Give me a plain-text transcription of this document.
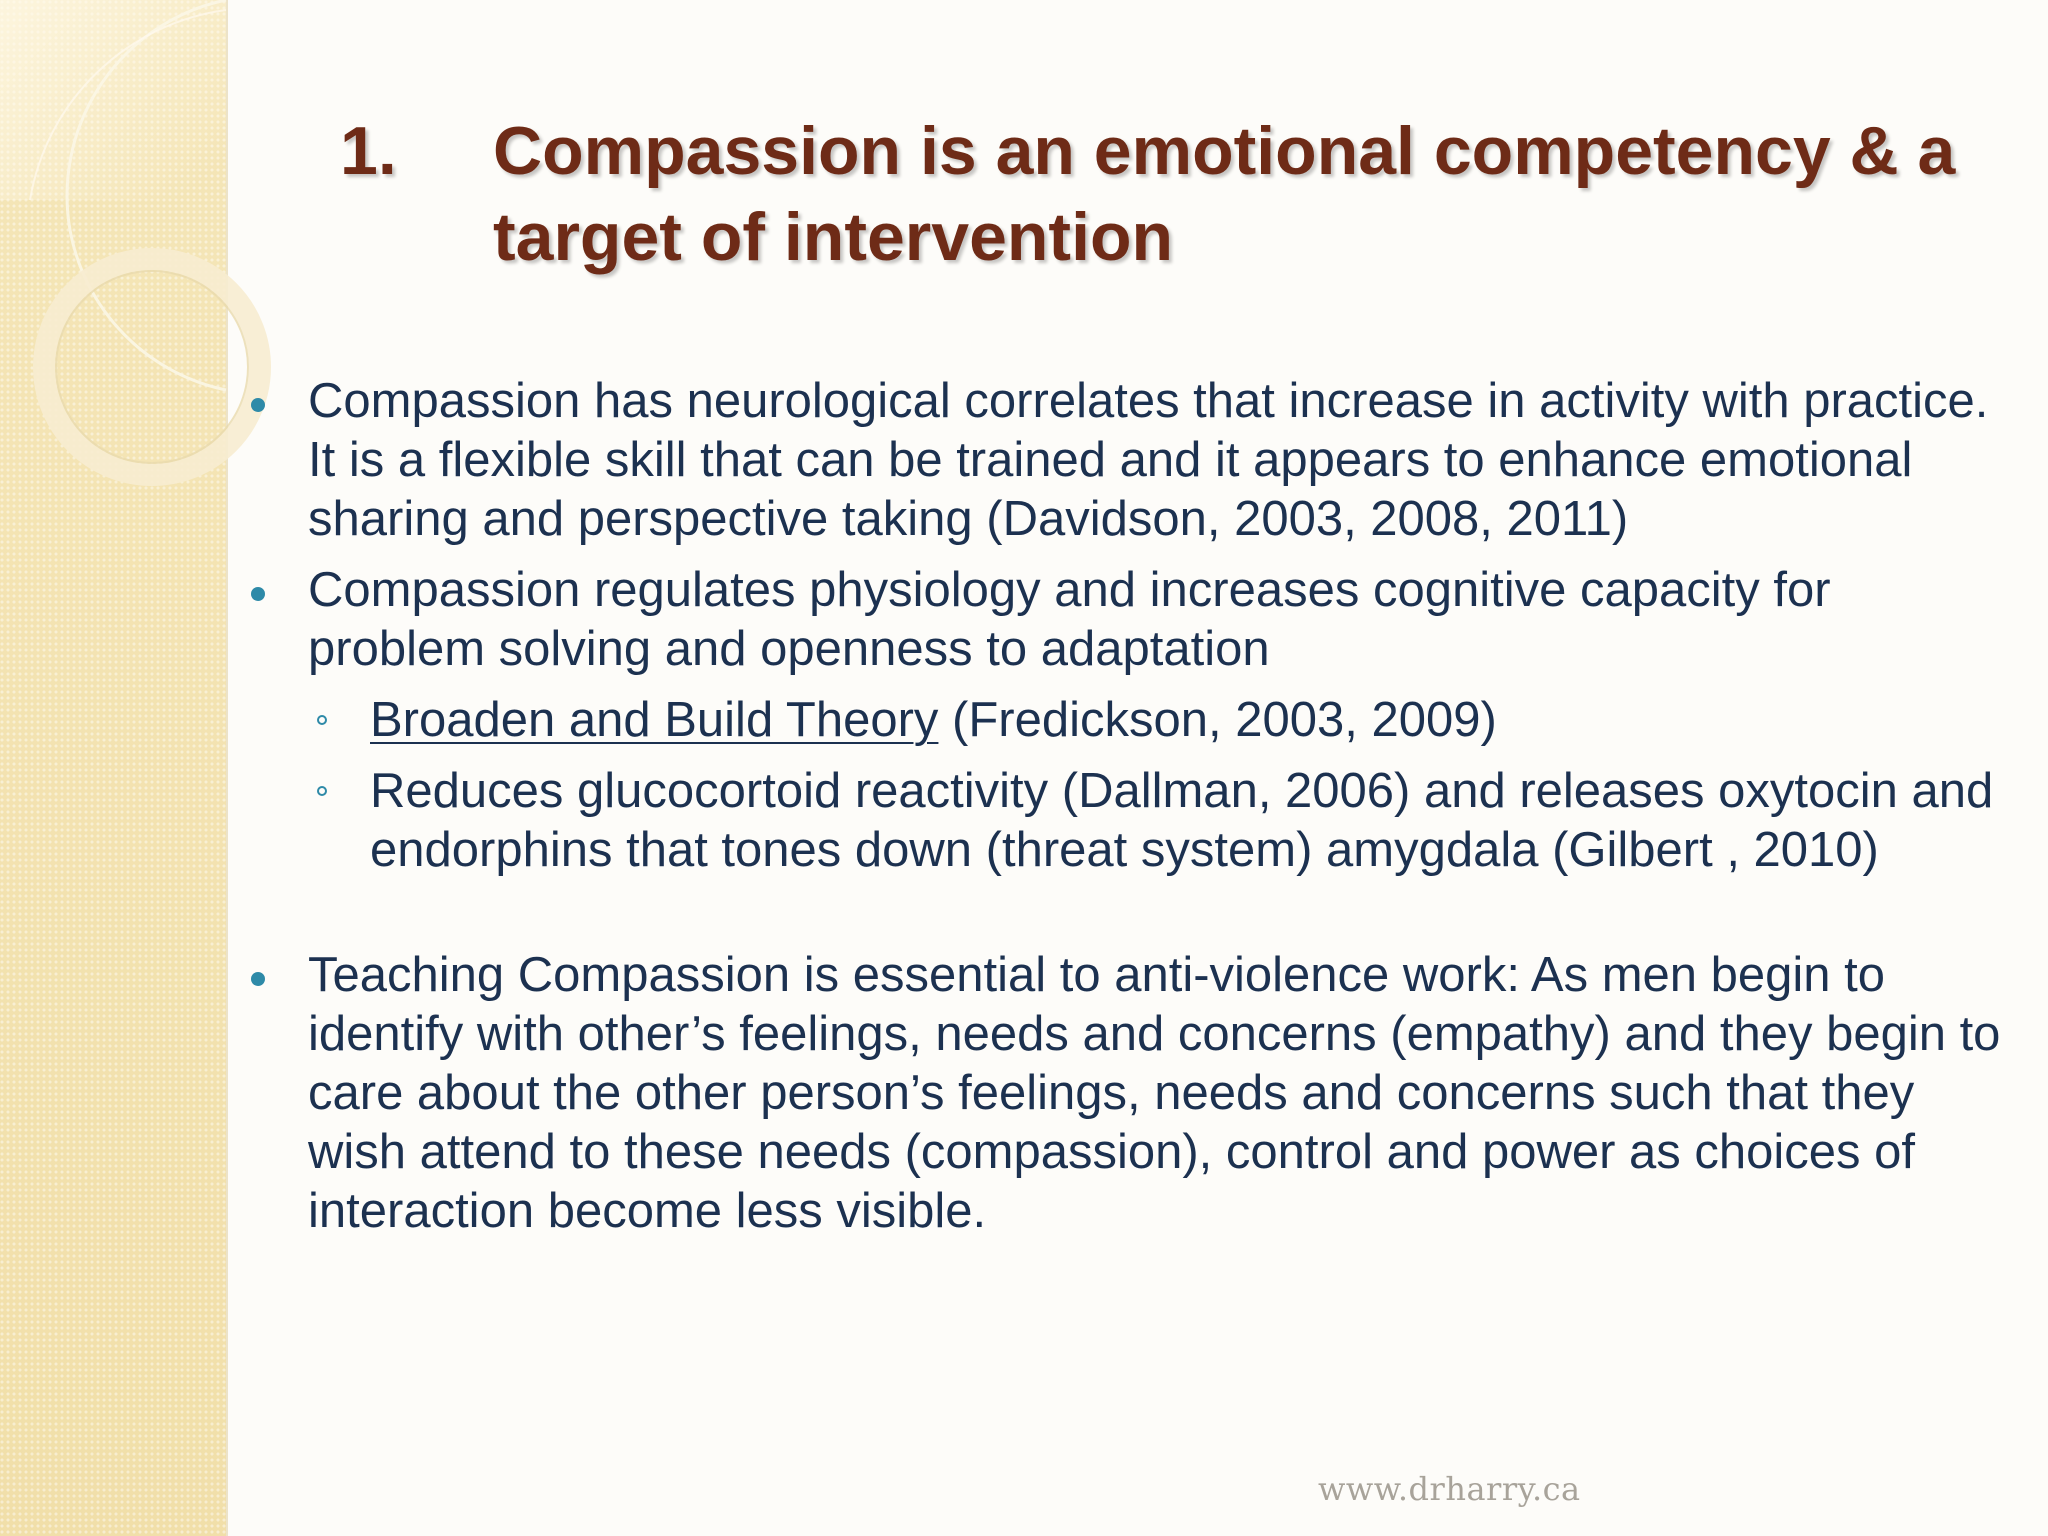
1. Compassion is an emotional competency & a target of intervention
Compassion has neurological correlates that increase in activity with practice. It is a flexible skill that can be trained and it appears to enhance emotional sharing and perspective taking (Davidson, 2003, 2008, 2011)
Compassion regulates physiology and increases cognitive capacity for problem solving and openness to adaptation
Broaden and Build Theory (Fredickson, 2003, 2009)
Reduces glucocortoid reactivity (Dallman, 2006) and releases oxytocin and endorphins that tones down (threat system) amygdala (Gilbert , 2010)
Teaching Compassion is essential to anti-violence work: As men begin to identify with other’s feelings, needs and concerns (empathy) and they begin to care about the other person’s feelings, needs and concerns such that they wish attend to these needs (compassion), control and power as choices of interaction become less visible.
www.drharry.ca
